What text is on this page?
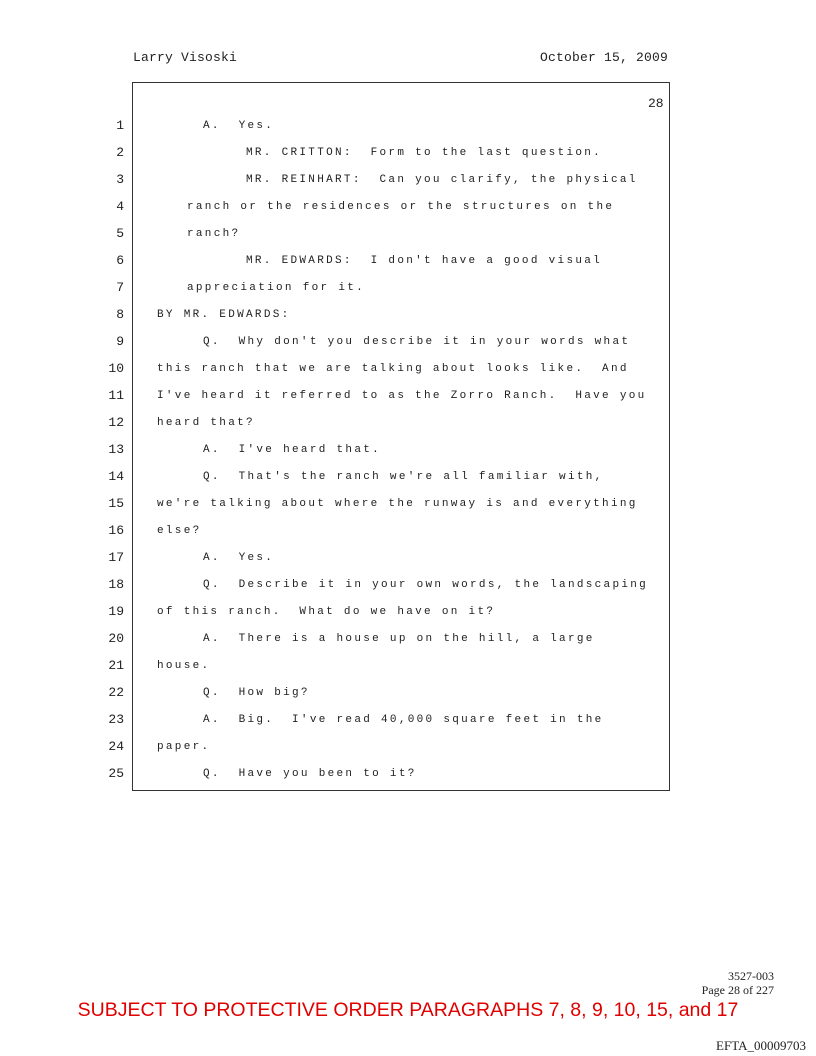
Larry Visoski	October 15, 2009
28
1	A.  Yes.
2	MR. CRITTON:  Form to the last question.
3	MR. REINHART:  Can you clarify, the physical
4	ranch or the residences or the structures on the
5	ranch?
6	MR. EDWARDS:  I don't have a good visual
7	appreciation for it.
8	BY MR. EDWARDS:
9	Q.  Why don't you describe it in your words what
10	this ranch that we are talking about looks like.  And
11	I've heard it referred to as the Zorro Ranch.  Have you
12	heard that?
13	A.  I've heard that.
14	Q.  That's the ranch we're all familiar with,
15	we're talking about where the runway is and everything
16	else?
17	A.  Yes.
18	Q.  Describe it in your own words, the landscaping
19	of this ranch.  What do we have on it?
20	A.  There is a house up on the hill, a large
21	house.
22	Q.  How big?
23	A.  Big.  I've read 40,000 square feet in the
24	paper.
25	Q.  Have you been to it?
3527-003
Page 28 of 227
SUBJECT TO PROTECTIVE ORDER PARAGRAPHS 7, 8, 9, 10, 15, and 17
EFTA_00009703
